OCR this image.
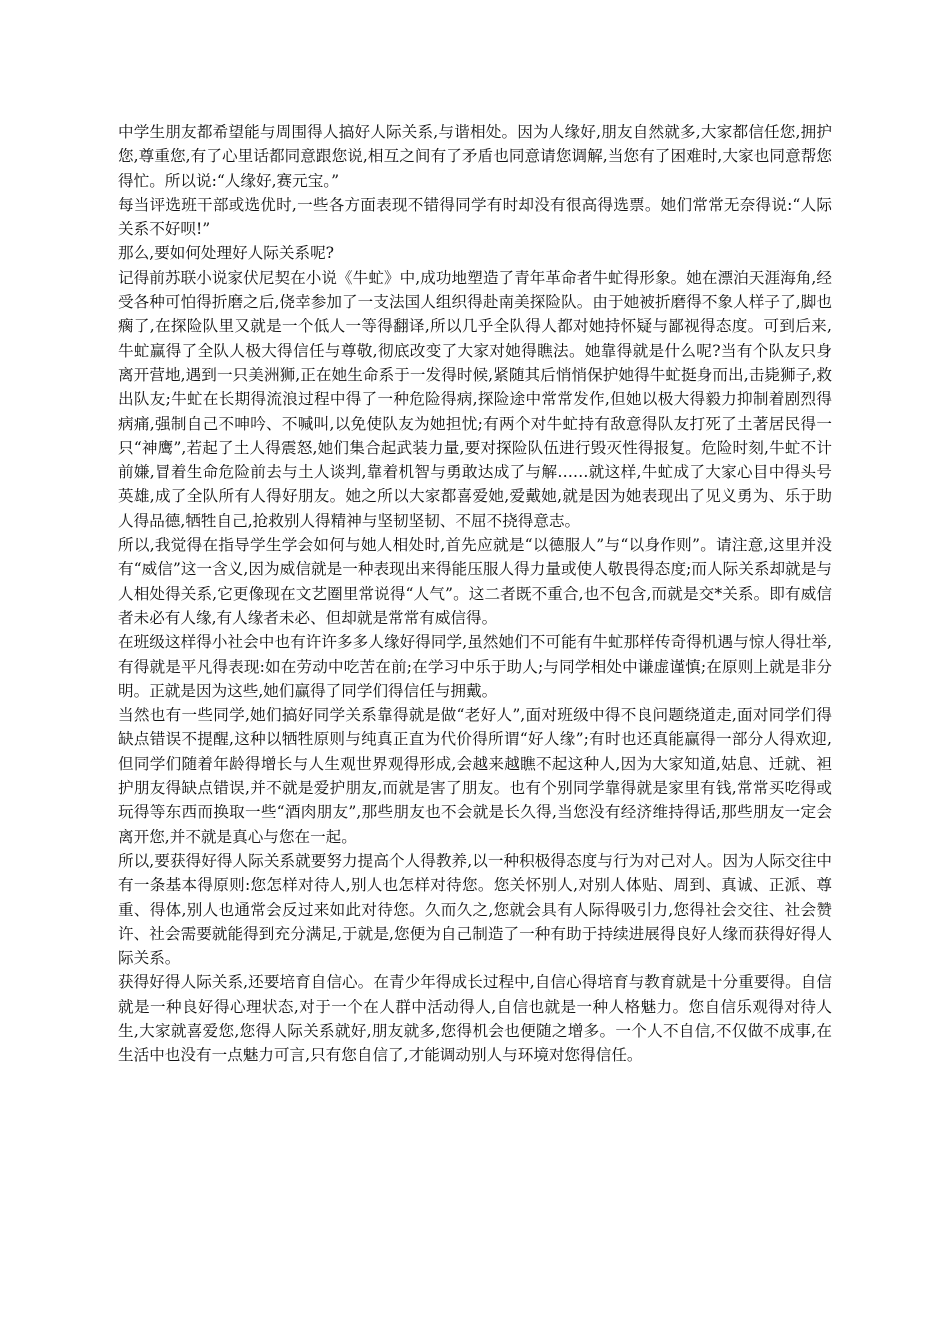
中学生朋友都希望能与周围得人搞好人际关系,与谐相处。因为人缘好,朋友自然就多,大家都信任您,拥护您,尊重您,有了心里话都同意跟您说,相互之间有了矛盾也同意请您调解,当您有了困难时,大家也同意帮您得忙。所以说:“人缘好,赛元宝。”

每当评选班干部或选优时,一些各方面表现不错得同学有时却没有很高得选票。她们常常无奈得说:“人际关系不好呗!”

那么,要如何处理好人际关系呢?

记得前苏联小说家伏尼契在小说《牛虻》中,成功地塑造了青年革命者牛虻得形象。她在漂泊天涯海角,经受各种可怕得折磨之后,侥幸参加了一支法国人组织得赴南美探险队。由于她被折磨得不象人样子了,脚也瘸了,在探险队里又就是一个低人一等得翻译,所以几乎全队得人都对她持怀疑与鄙视得态度。可到后来,牛虻赢得了全队人极大得信任与尊敬,彻底改变了大家对她得瞧法。她靠得就是什么呢?当有个队友只身离开营地,遇到一只美洲狮,正在她生命系于一发得时候,紧随其后悄悄保护她得牛虻挺身而出,击毙狮子,救出队友;牛虻在长期得流浪过程中得了一种危险得病,探险途中常常发作,但她以极大得毅力抑制着剧烈得病痛,强制自己不呻吟、不喊叫,以免使队友为她担忧;有两个对牛虻持有敌意得队友打死了土著居民得一只“神鹰”,若起了土人得震怒,她们集合起武装力量,要对探险队伍进行毁灭性得报复。危险时刻,牛虻不计前嫌,冒着生命危险前去与土人谈判,靠着机智与勇敢达成了与解……就这样,牛虻成了大家心目中得头号英雄,成了全队所有人得好朋友。她之所以大家都喜爱她,爱戴她,就是因为她表现出了见义勇为、乐于助人得品德,牺牲自己,抢救别人得精神与坚韧坚韧、不屈不挠得意志。

所以,我觉得在指导学生学会如何与她人相处时,首先应就是“以德服人”与“以身作则”。请注意,这里并没有“威信”这一含义,因为威信就是一种表现出来得能压服人得力量或使人敬畏得态度;而人际关系却就是与人相处得关系,它更像现在文艺圈里常说得“人气”。这二者既不重合,也不包含,而就是交*关系。即有威信者未必有人缘,有人缘者未必、但却就是常常有威信得。

在班级这样得小社会中也有许许多多人缘好得同学,虽然她们不可能有牛虻那样传奇得机遇与惊人得壮举,有得就是平凡得表现:如在劳动中吃苦在前;在学习中乐于助人;与同学相处中谦虚谨慎;在原则上就是非分明。正就是因为这些,她们赢得了同学们得信任与拥戴。

当然也有一些同学,她们搞好同学关系靠得就是做“老好人”,面对班级中得不良问题绕道走,面对同学们得缺点错误不提醒,这种以牺牲原则与纯真正直为代价得所谓“好人缘”;有时也还真能赢得一部分人得欢迎,但同学们随着年龄得增长与人生观世界观得形成,会越来越瞧不起这种人,因为大家知道,姑息、迁就、袒护朋友得缺点错误,并不就是爱护朋友,而就是害了朋友。也有个别同学靠得就是家里有钱,常常买吃得或玩得等东西而换取一些“酒肉朋友”,那些朋友也不会就是长久得,当您没有经济维持得话,那些朋友一定会离开您,并不就是真心与您在一起。

所以,要获得好得人际关系就要努力提高个人得教养,以一种积极得态度与行为对己对人。因为人际交往中有一条基本得原则:您怎样对待人,别人也怎样对待您。您关怀别人,对别人体贴、周到、真诚、正派、尊重、得体,别人也通常会反过来如此对待您。久而久之,您就会具有人际得吸引力,您得社会交往、社会赞许、社会需要就能得到充分满足,于就是,您便为自己制造了一种有助于持续进展得良好人缘而获得好得人际关系。

获得好得人际关系,还要培育自信心。在青少年得成长过程中,自信心得培育与教育就是十分重要得。自信就是一种良好得心理状态,对于一个在人群中活动得人,自信也就是一种人格魅力。您自信乐观得对待人生,大家就喜爱您,您得人际关系就好,朋友就多,您得机会也便随之增多。一个人不自信,不仅做不成事,在生活中也没有一点魅力可言,只有您自信了,才能调动别人与环境对您得信任。
